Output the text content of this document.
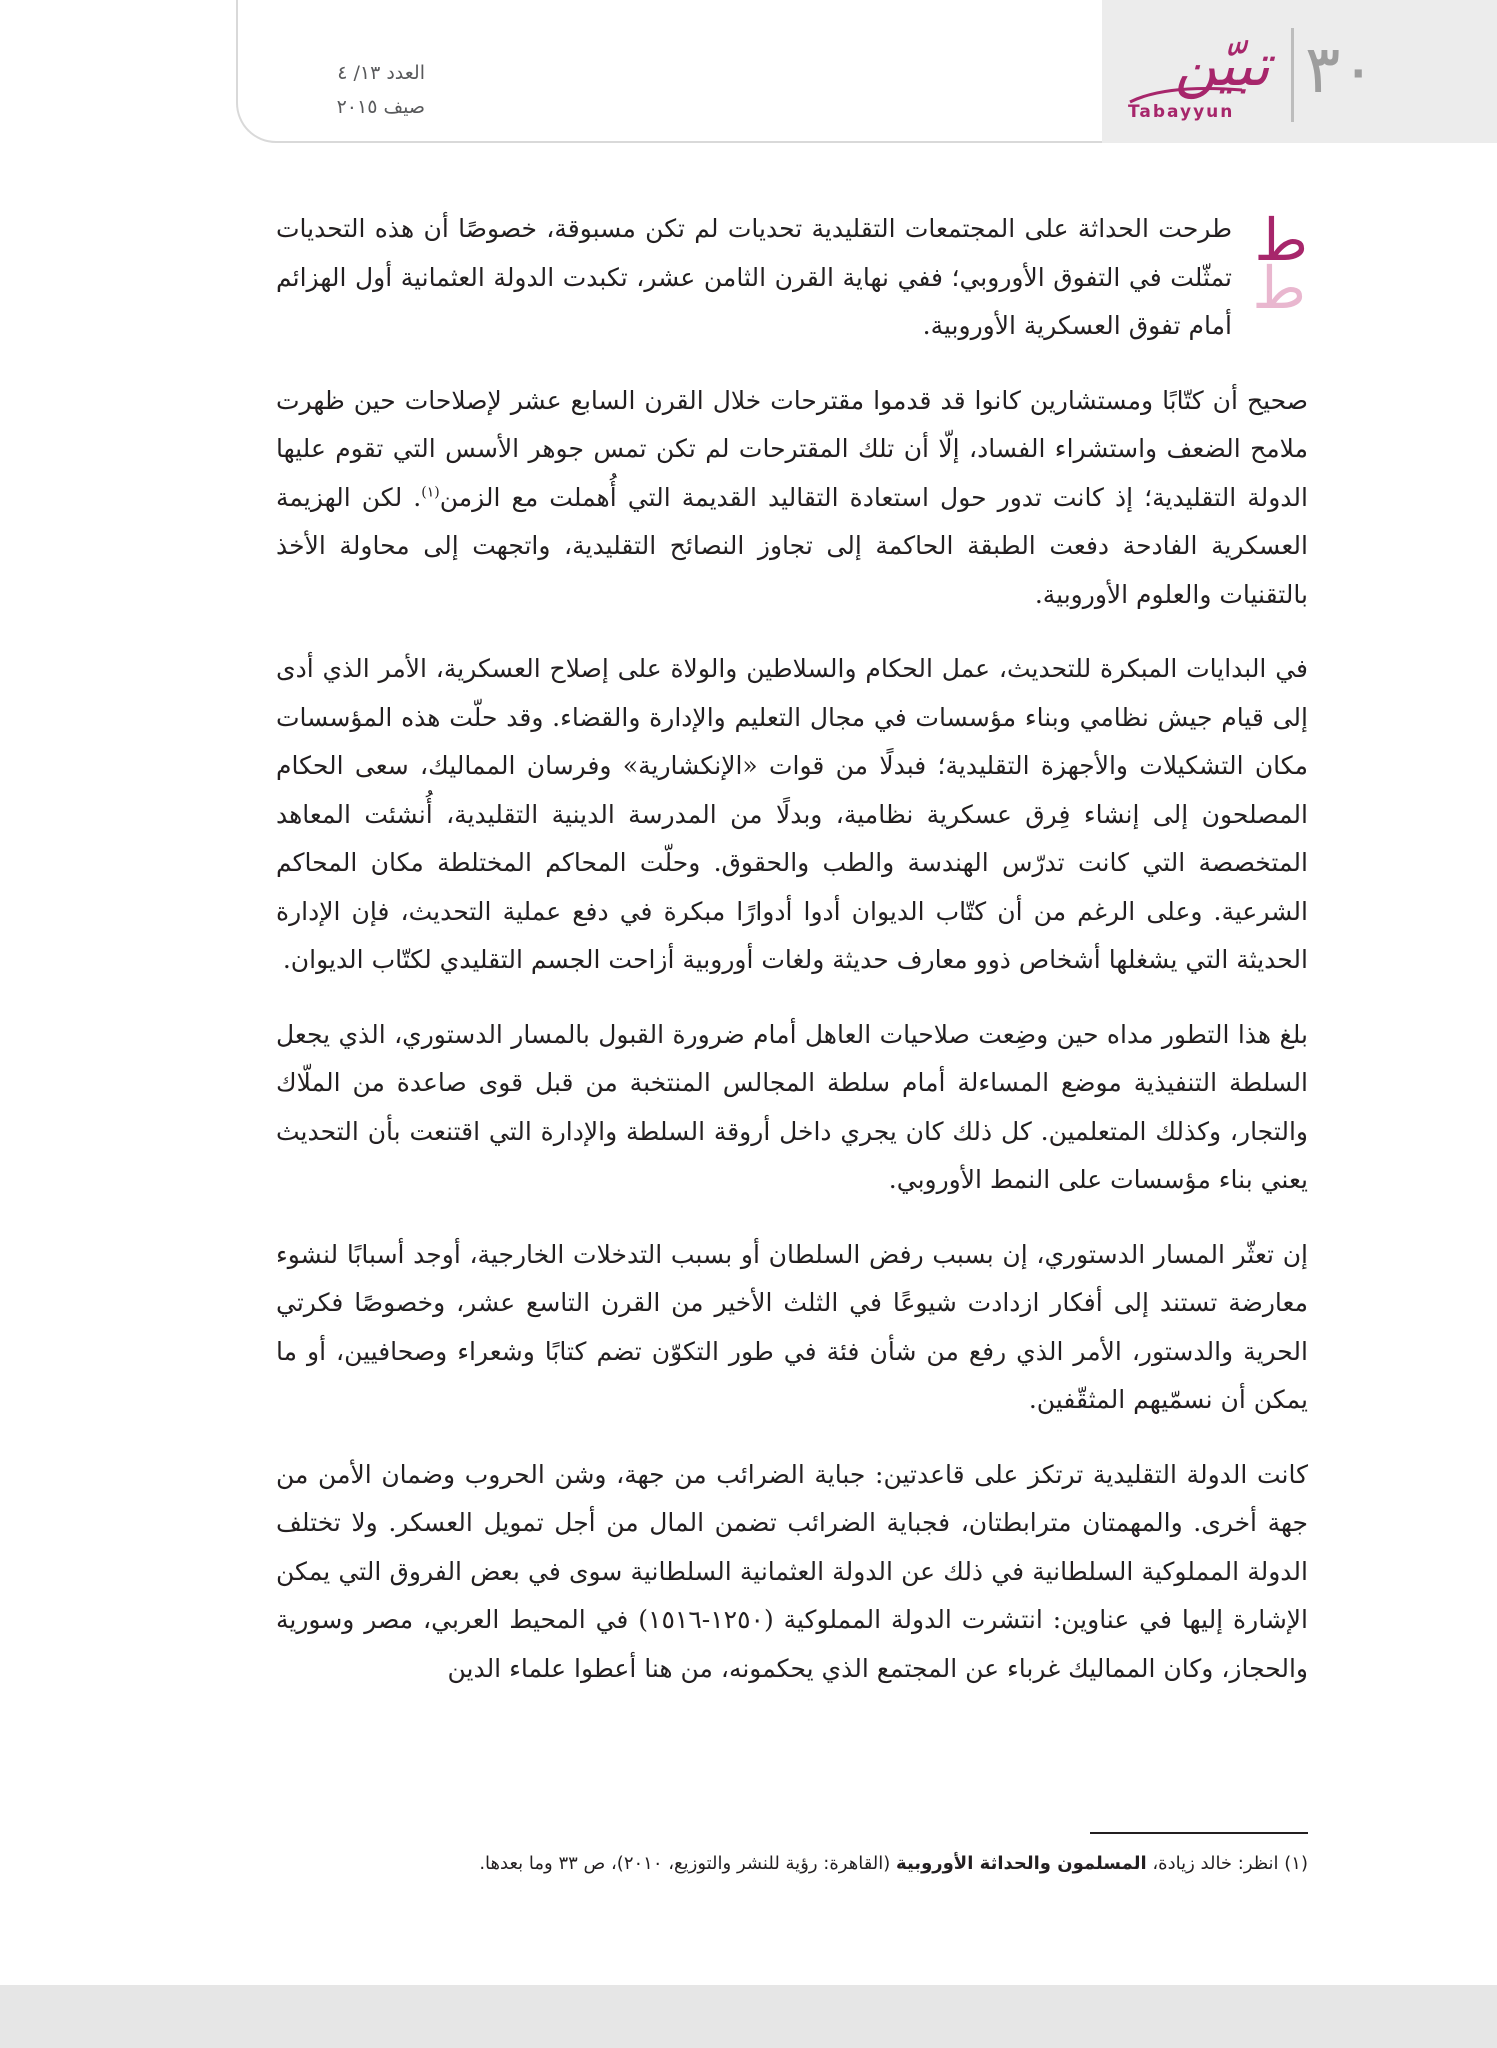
العدد ١٣/ ٤
صيف ٢٠١٥
تبيّن
Tabayyun
٣٠

ط
ط
طرحت الحداثة على المجتمعات التقليدية تحديات لم تكن مسبوقة، خصوصًا أن هذه التحديات تمثّلت في التفوق الأوروبي؛ ففي نهاية القرن الثامن عشر، تكبدت الدولة العثمانية أول الهزائم أمام تفوق العسكرية الأوروبية.

صحيح أن كتّابًا ومستشارين كانوا قد قدموا مقترحات خلال القرن السابع عشر لإصلاحات حين ظهرت ملامح الضعف واستشراء الفساد، إلّا أن تلك المقترحات لم تكن تمس جوهر الأسس التي تقوم عليها الدولة التقليدية؛ إذ كانت تدور حول استعادة التقاليد القديمة التي أُهملت مع الزمن$^{(١)}$. لكن الهزيمة العسكرية الفادحة دفعت الطبقة الحاكمة إلى تجاوز النصائح التقليدية، واتجهت إلى محاولة الأخذ بالتقنيات والعلوم الأوروبية.

في البدايات المبكرة للتحديث، عمل الحكام والسلاطين والولاة على إصلاح العسكرية، الأمر الذي أدى إلى قيام جيش نظامي وبناء مؤسسات في مجال التعليم والإدارة والقضاء. وقد حلّت هذه المؤسسات مكان التشكيلات والأجهزة التقليدية؛ فبدلًا من قوات «الإنكشارية» وفرسان المماليك، سعى الحكام المصلحون إلى إنشاء فِرق عسكرية نظامية، وبدلًا من المدرسة الدينية التقليدية، أُنشئت المعاهد المتخصصة التي كانت تدرّس الهندسة والطب والحقوق. وحلّت المحاكم المختلطة مكان المحاكم الشرعية. وعلى الرغم من أن كتّاب الديوان أدوا أدوارًا مبكرة في دفع عملية التحديث، فإن الإدارة الحديثة التي يشغلها أشخاص ذوو معارف حديثة ولغات أوروبية أزاحت الجسم التقليدي لكتّاب الديوان.

بلغ هذا التطور مداه حين وضِعت صلاحيات العاهل أمام ضرورة القبول بالمسار الدستوري، الذي يجعل السلطة التنفيذية موضع المساءلة أمام سلطة المجالس المنتخبة من قبل قوى صاعدة من الملّاك والتجار، وكذلك المتعلمين. كل ذلك كان يجري داخل أروقة السلطة والإدارة التي اقتنعت بأن التحديث يعني بناء مؤسسات على النمط الأوروبي.

إن تعثّر المسار الدستوري، إن بسبب رفض السلطان أو بسبب التدخلات الخارجية، أوجد أسبابًا لنشوء معارضة تستند إلى أفكار ازدادت شيوعًا في الثلث الأخير من القرن التاسع عشر، وخصوصًا فكرتي الحرية والدستور، الأمر الذي رفع من شأن فئة في طور التكوّن تضم كتابًا وشعراء وصحافيين، أو ما يمكن أن نسمّيهم المثقّفين.

كانت الدولة التقليدية ترتكز على قاعدتين: جباية الضرائب من جهة، وشن الحروب وضمان الأمن من جهة أخرى. والمهمتان مترابطتان، فجباية الضرائب تضمن المال من أجل تمويل العسكر. ولا تختلف الدولة المملوكية السلطانية في ذلك عن الدولة العثمانية السلطانية سوى في بعض الفروق التي يمكن الإشارة إليها في عناوين: انتشرت الدولة المملوكية (١٢٥٠-١٥١٦) في المحيط العربي، مصر وسورية والحجاز، وكان المماليك غرباء عن المجتمع الذي يحكمونه، من هنا أعطوا علماء الدين

(١) انظر: خالد زيادة، المسلمون والحداثة الأوروبية (القاهرة: رؤية للنشر والتوزيع، ٢٠١٠)، ص ٣٣ وما بعدها.
